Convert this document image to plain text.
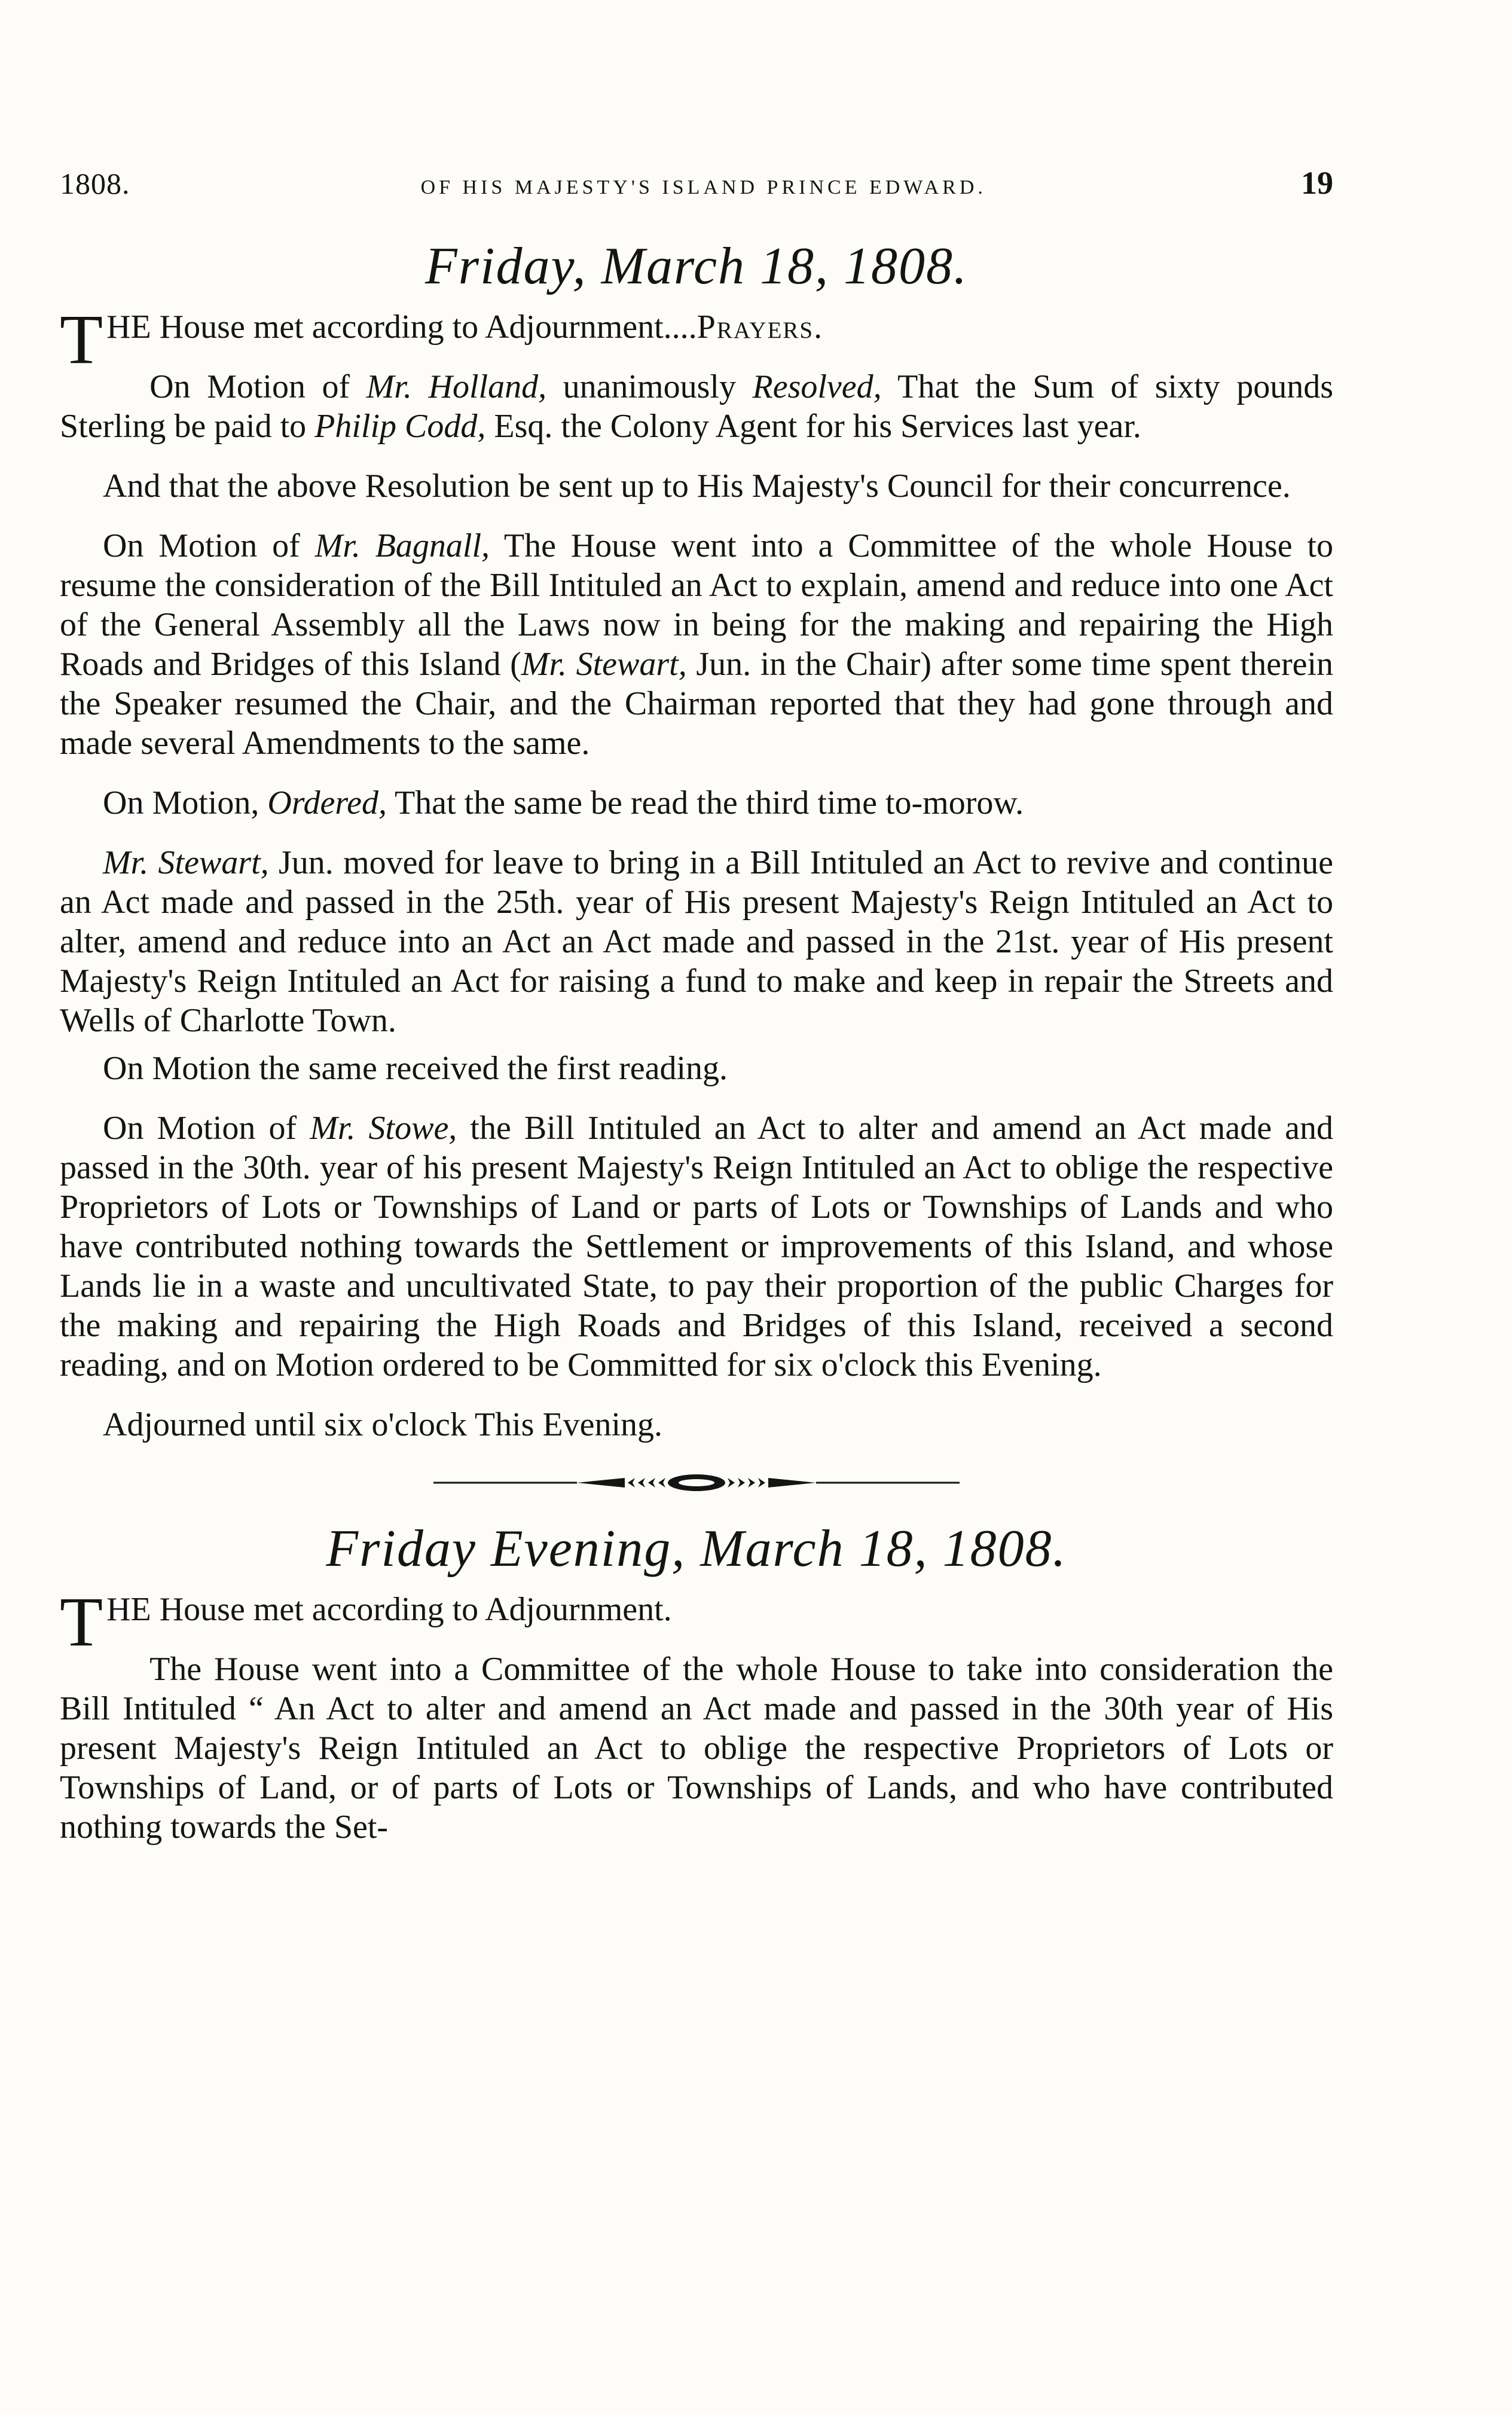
1808.	OF HIS MAJESTY'S ISLAND PRINCE EDWARD.	19
Friday, March 18, 1808.

THE House met according to Adjournment....Prayers.

On Motion of Mr. Holland, unanimously Resolved, That the Sum of sixty pounds Sterling be paid to Philip Codd, Esq. the Colony Agent for his Services last year.

And that the above Resolution be sent up to His Majesty's Council for their concurrence.

On Motion of Mr. Bagnall, The House went into a Committee of the whole House to resume the consideration of the Bill Intituled an Act to explain, amend and reduce into one Act of the General Assembly all the Laws now in being for the making and repairing the High Roads and Bridges of this Island (Mr. Stewart, Jun. in the Chair) after some time spent therein the Speaker resumed the Chair, and the Chairman reported that they had gone through and made several Amendments to the same.

On Motion, Ordered, That the same be read the third time to-morow.

Mr. Stewart, Jun. moved for leave to bring in a Bill Intituled an Act to revive and continue an Act made and passed in the 25th. year of His present Majesty's Reign Intituled an Act to alter, amend and reduce into an Act an Act made and passed in the 21st. year of His present Majesty's Reign Intituled an Act for raising a fund to make and keep in repair the Streets and Wells of Charlotte Town.

On Motion the same received the first reading.

On Motion of Mr. Stowe, the Bill Intituled an Act to alter and amend an Act made and passed in the 30th. year of his present Majesty's Reign Intituled an Act to oblige the respective Proprietors of Lots or Townships of Land or parts of Lots or Townships of Lands and who have contributed nothing towards the Settlement or improvements of this Island, and whose Lands lie in a waste and uncultivated State, to pay their proportion of the public Charges for the making and repairing the High Roads and Bridges of this Island, received a second reading, and on Motion ordered to be Committed for six o'clock this Evening.

Adjourned until six o'clock This Evening.

Friday Evening, March 18, 1808.

THE House met according to Adjournment.

The House went into a Committee of the whole House to take into consideration the Bill Intituled “ An Act to alter and amend an Act made and passed in the 30th year of His present Majesty's Reign Intituled an Act to oblige the respective Proprietors of Lots or Townships of Land, or of parts of Lots or Townships of Lands, and who have contributed nothing towards the Set-
